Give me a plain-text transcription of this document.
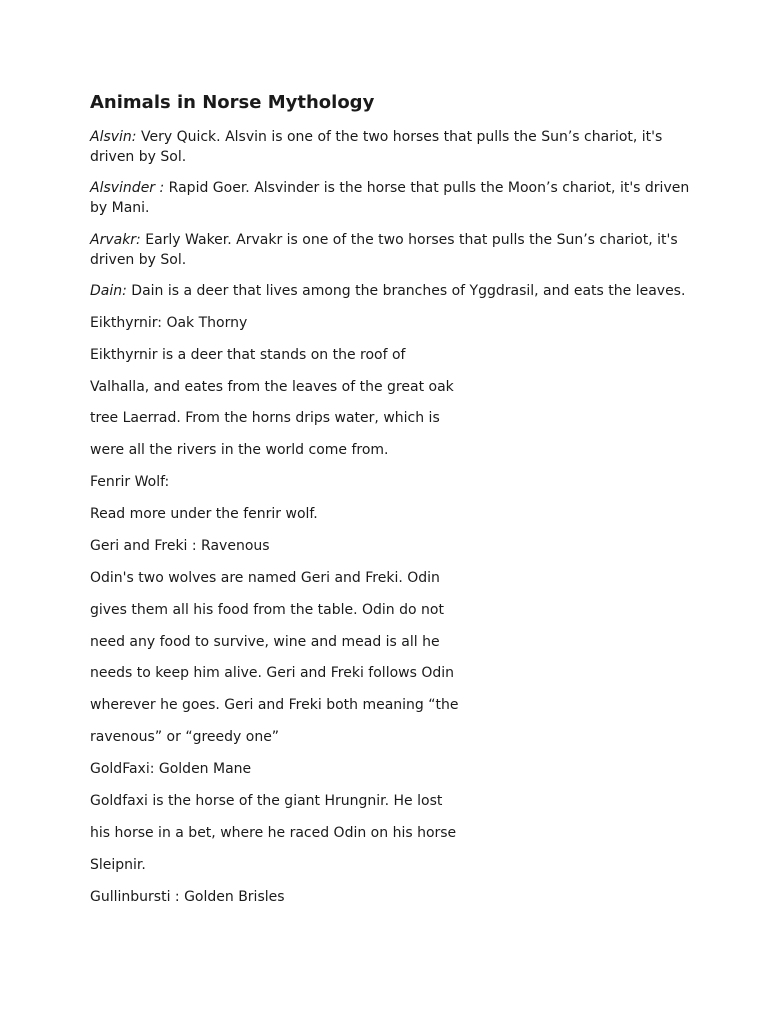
Animals in Norse Mythology

Alsvin: Very Quick. Alsvin is one of the two horses that pulls the Sun’s chariot, it's driven by Sol.

Alsvinder : Rapid Goer. Alsvinder is the horse that pulls the Moon’s chariot, it's driven by Mani.

Arvakr: Early Waker. Arvakr is one of the two horses that pulls the Sun’s chariot, it's driven by Sol.

Dain: Dain is a deer that lives among the branches of Yggdrasil, and eats the leaves.

Eikthyrnir: Oak Thorny

Eikthyrnir is a deer that stands on the roof of

Valhalla, and eates from the leaves of the great oak

tree Laerrad. From the horns drips water, which is

were all the rivers in the world come from.

Fenrir Wolf:

Read more under the fenrir wolf.

Geri and Freki : Ravenous

Odin's two wolves are named Geri and Freki. Odin

gives them all his food from the table. Odin do not

need any food to survive, wine and mead is all he

needs to keep him alive. Geri and Freki follows Odin

wherever he goes. Geri and Freki both meaning “the

ravenous” or “greedy one”

GoldFaxi: Golden Mane

Goldfaxi is the horse of the giant Hrungnir. He lost

his horse in a bet, where he raced Odin on his horse

Sleipnir.

Gullinbursti : Golden Brisles
